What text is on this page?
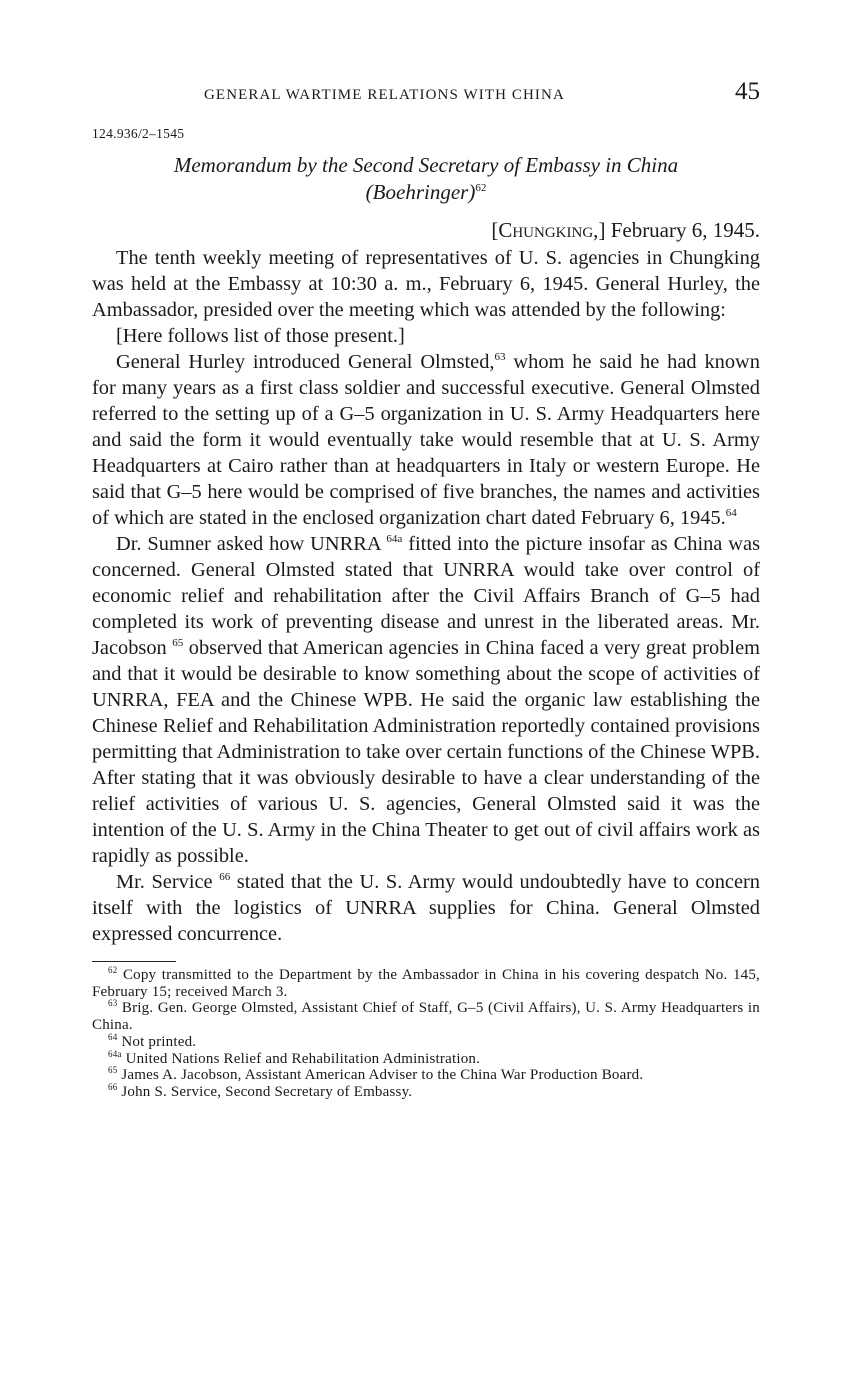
GENERAL WARTIME RELATIONS WITH CHINA	45
124.936/2–1545
Memorandum by the Second Secretary of Embassy in China
(Boehringer)$^{62}$
[Chungking,] February 6, 1945.

The tenth weekly meeting of representatives of U. S. agencies in Chungking was held at the Embassy at 10:30 a. m., February 6, 1945. General Hurley, the Ambassador, presided over the meeting which was attended by the following:

[Here follows list of those present.]

General Hurley introduced General Olmsted,$^{63}$ whom he said he had known for many years as a first class soldier and successful executive. General Olmsted referred to the setting up of a G–5 organization in U. S. Army Headquarters here and said the form it would eventually take would resemble that at U. S. Army Headquarters at Cairo rather than at headquarters in Italy or western Europe. He said that G–5 here would be comprised of five branches, the names and activities of which are stated in the enclosed organization chart dated February 6, 1945.64

Dr. Sumner asked how UNRRA $^{64a}$ fitted into the picture insofar as China was concerned. General Olmsted stated that UNRRA would take over control of economic relief and rehabilitation after the Civil Affairs Branch of G–5 had completed its work of preventing disease and unrest in the liberated areas. Mr. Jacobson $^{65}$ observed that American agencies in China faced a very great problem and that it would be desirable to know something about the scope of activities of UNRRA, FEA and the Chinese WPB. He said the organic law establishing the Chinese Relief and Rehabilitation Administration reportedly contained provisions permitting that Administration to take over certain functions of the Chinese WPB. After stating that it was obviously desirable to have a clear understanding of the relief activities of various U. S. agencies, General Olmsted said it was the intention of the U. S. Army in the China Theater to get out of civil affairs work as rapidly as possible.

Mr. Service $^{66}$ stated that the U. S. Army would undoubtedly have to concern itself with the logistics of UNRRA supplies for China. General Olmsted expressed concurrence.

$^{62}$ Copy transmitted to the Department by the Ambassador in China in his covering despatch No. 145, February 15; received March 3.

$^{63}$ Brig. Gen. George Olmsted, Assistant Chief of Staff, G–5 (Civil Affairs), U. S. Army Headquarters in China.

$^{64}$ Not printed.

$^{64a}$ United Nations Relief and Rehabilitation Administration.

$^{65}$ James A. Jacobson, Assistant American Adviser to the China War Production Board.

$^{66}$ John S. Service, Second Secretary of Embassy.
